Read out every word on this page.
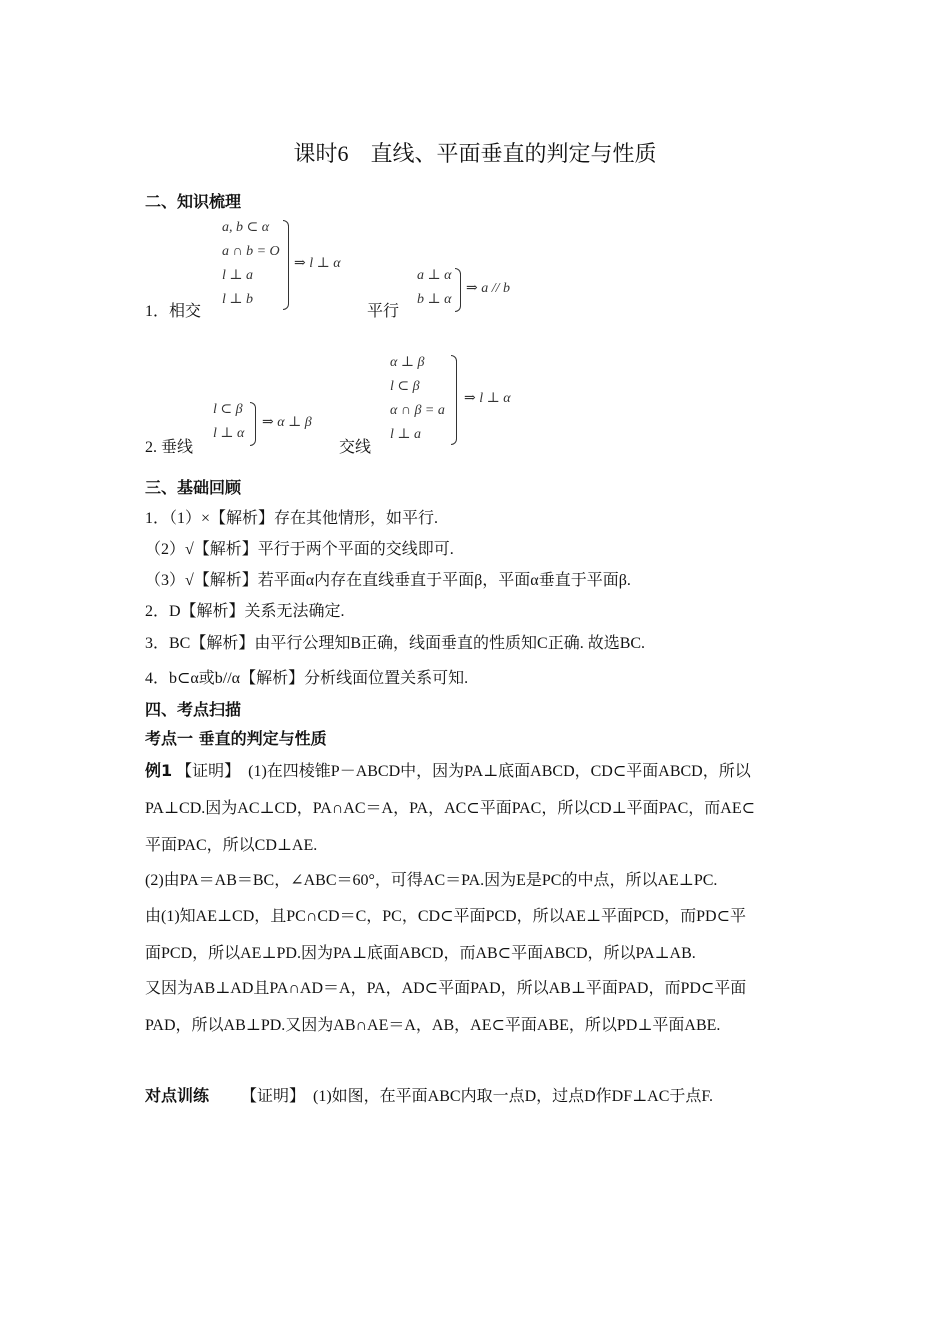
课时6　直线、平面垂直的判定与性质
二、知识梳理
a, b ⊂ α
a ∩ b = O
l ⊥ a
l ⊥ b
⇒ l ⊥ α
1．相交	平行
a ⊥ α
b ⊥ α
⇒ a // b
2. 垂线
l ⊂ β
l ⊥ α
⇒ α ⊥ β
交线
α ⊥ β
l ⊂ β
α ∩ β = a
l ⊥ a
⇒ l ⊥ α
三、基础回顾
1．（1）×【解析】存在其他情形，如平行.
（2）√【解析】平行于两个平面的交线即可.
（3）√【解析】若平面α内存在直线垂直于平面β，平面α垂直于平面β.
2．D【解析】关系无法确定.
3．BC【解析】由平行公理知B正确，线面垂直的性质知C正确. 故选BC.
4．b⊂α或b//α【解析】分析线面位置关系可知.
四、考点扫描
考点一 垂直的判定与性质
例1 【证明】　(1)在四棱锥P－ABCD中，因为PA⊥底面ABCD，CD⊂平面ABCD，所以
PA⊥CD.因为AC⊥CD，PA∩AC＝A，PA，AC⊂平面PAC，所以CD⊥平面PAC，而AE⊂
平面PAC，所以CD⊥AE.
(2)由PA＝AB＝BC，∠ABC＝60°，可得AC＝PA.因为E是PC的中点，所以AE⊥PC.
由(1)知AE⊥CD，且PC∩CD＝C，PC，CD⊂平面PCD，所以AE⊥平面PCD，而PD⊂平
面PCD，所以AE⊥PD.因为PA⊥底面ABCD，而AB⊂平面ABCD，所以PA⊥AB.
又因为AB⊥AD且PA∩AD＝A，PA，AD⊂平面PAD，所以AB⊥平面PAD，而PD⊂平面
PAD，所以AB⊥PD.又因为AB∩AE＝A，AB，AE⊂平面ABE，所以PD⊥平面ABE.
对点训练 【证明】　(1)如图，在平面ABC内取一点D，过点D作DF⊥AC于点F.
